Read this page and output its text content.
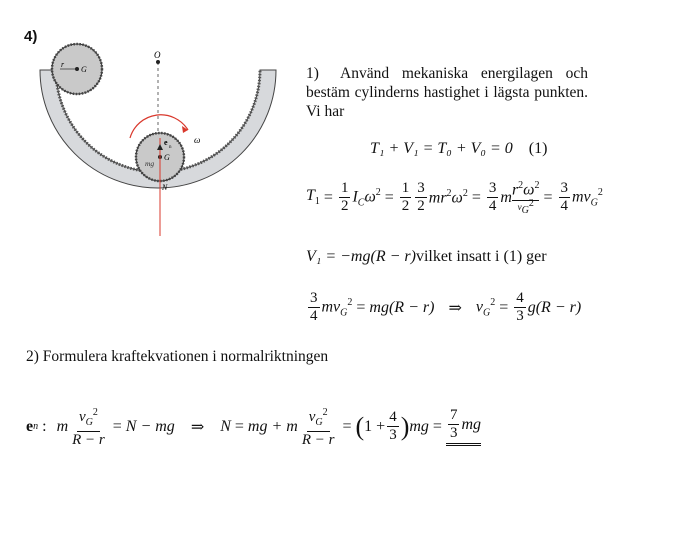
4)
O
r
G
ω
e
n
G
mg
N
1) Använd mekaniska energilagen och bestäm cylinderns hastighet i lägsta punkten. Vi har
T₁ + V₁ = T₀ + V₀ = 0 (1)
$T_1 = \frac{1}{2} I_C\omega^2 = \frac{1}{2} \frac{3}{2} mr^2\omega^2 = \frac{3}{4}$ m $r^2\omega^2$
$v_G^2 = \frac{3}{4} mv_G^2$
V₁ = −mg(R − r) vilket insatt i (1) ger
$\frac{3}{4} mv_G^2 = mg(R - r)$ ⇒ $v_G^2 = \frac{4}{3} g(R - r)$
2) Formulera kraftekvationen i normalriktningen
e n : m $\frac{v_G^2}{R - r} = N$ − mg ⇒ N = mg + m $\frac{v_G^2}{R - r}$ = ( $1 + \frac{4}{3}$ ) mg = $\frac{7}{3}$ mg
